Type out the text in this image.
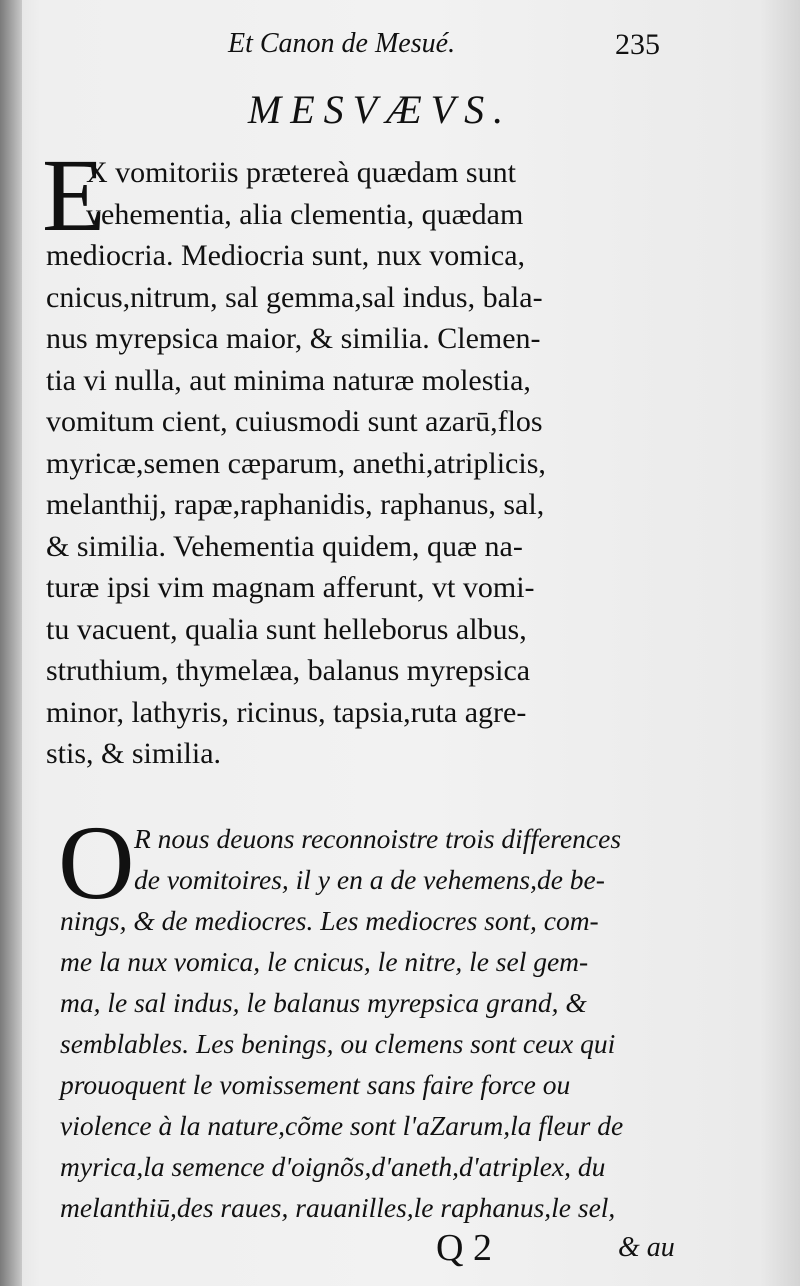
Et Canon de Mesué.	235
MESVÆVS.
E
X vomitoriis prætereà quædam sunt
vehementia, alia clementia, quædam
mediocria. Mediocria sunt, nux vomica,
cnicus,nitrum, sal gemma,sal indus, bala-
nus myrepsica maior, & similia. Clemen-
tia vi nulla, aut minima naturæ molestia,
vomitum cient, cuiusmodi sunt azarū,flos
myricæ,semen cæparum, anethi,atriplicis,
melanthij, rapæ,raphanidis, raphanus, sal,
& similia. Vehementia quidem, quæ na-
turæ ipsi vim magnam afferunt, vt vomi-
tu vacuent, qualia sunt helleborus albus,
struthium, thymelæa, balanus myrepsica
minor, lathyris, ricinus, tapsia,ruta agre-
stis, & similia.
O R nous deuons reconnoistre trois differences
de vomitoires, il y en a de vehemens,de be-
nings, & de mediocres. Les mediocres sont, com-
me la nux vomica, le cnicus, le nitre, le sel gem-
ma, le sal indus, le balanus myrepsica grand, &
semblables. Les benings, ou clemens sont ceux qui
prouoquent le vomissement sans faire force ou
violence à la nature,cõme sont l'aZarum,la fleur de
myrica,la semence d'oignõs,d'aneth,d'atriplex, du
melanthiū,des raues, rauanilles,le raphanus,le sel,
Q 2	& au
